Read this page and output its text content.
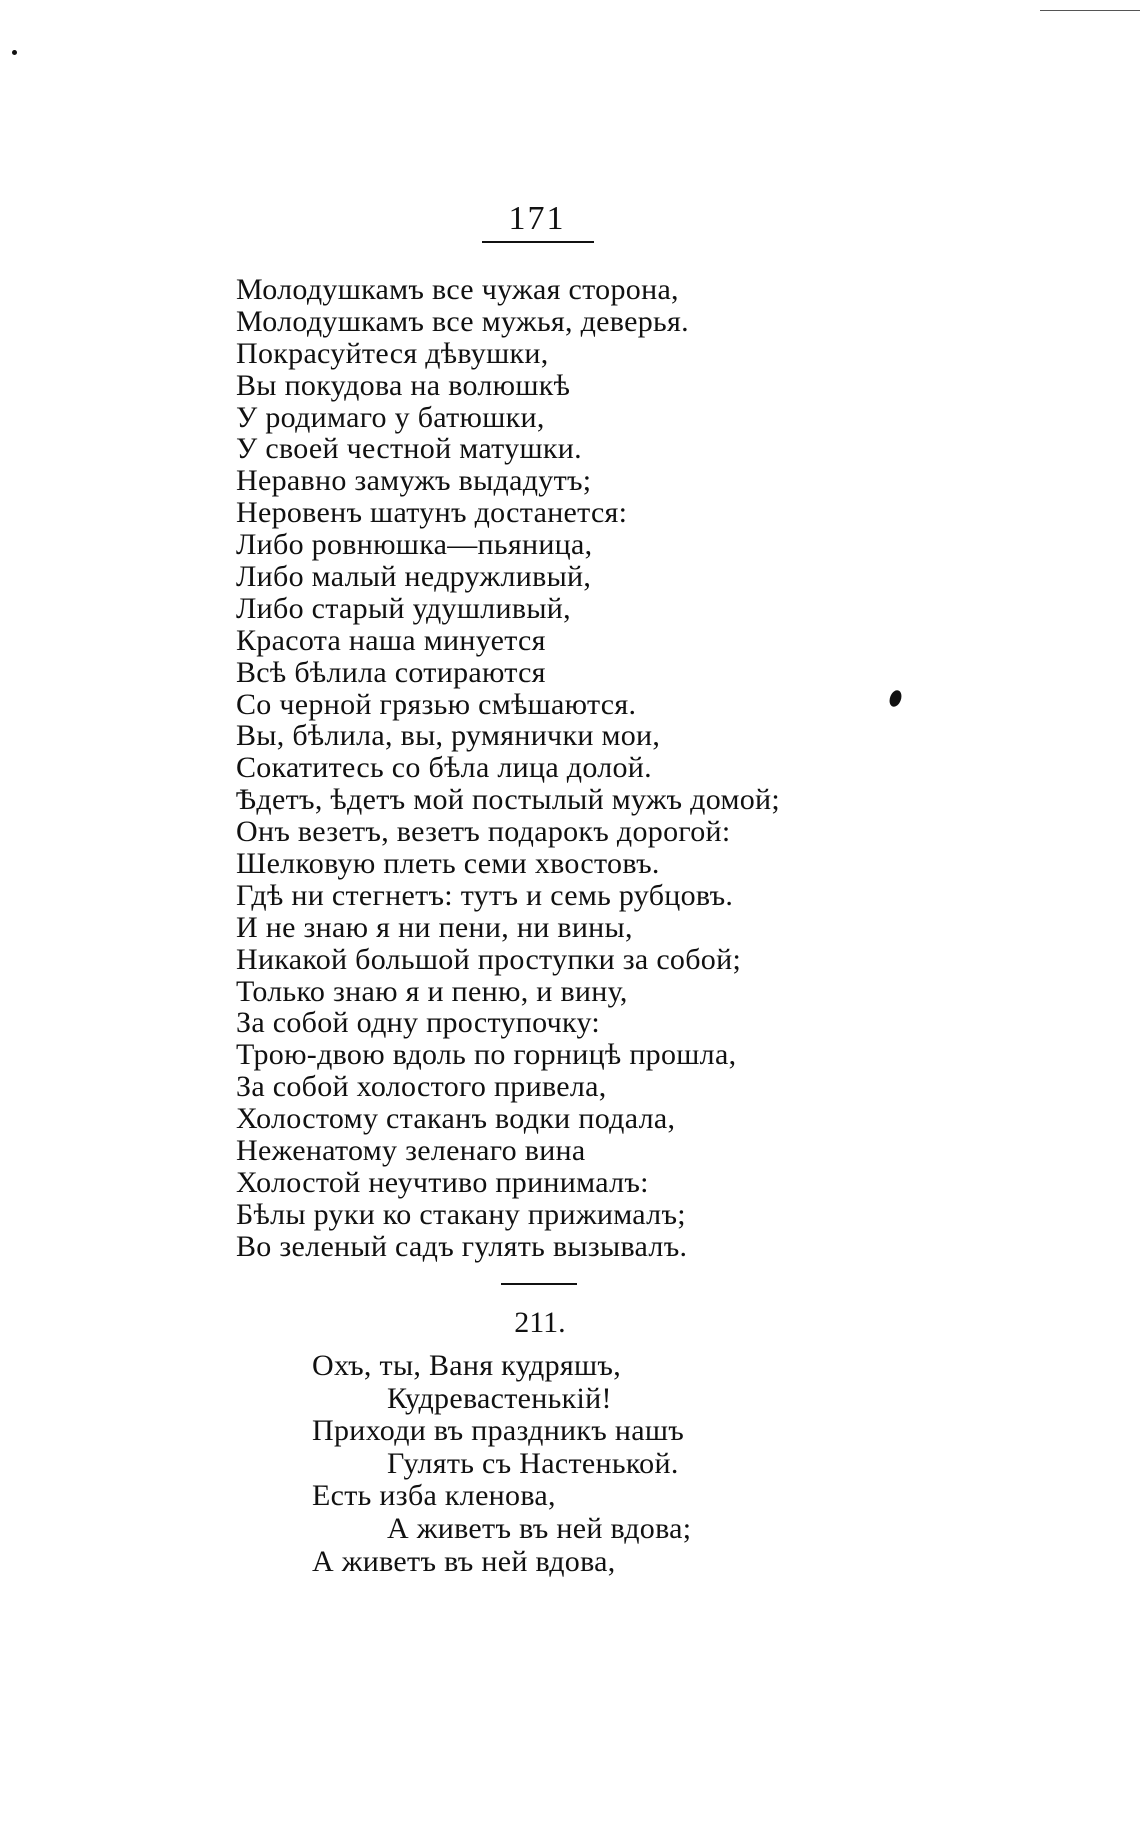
171
Молодушкамъ все чужая сторона,
Молодушкамъ все мужья, деверья.
Покрасуйтеся дѣвушки,
Вы покудова на волюшкѣ
У родимаго у батюшки,
У своей честной матушки.
Неравно замужъ выдадутъ;
Неровенъ шатунъ достанется:
Либо ровнюшка—пьяница,
Либо малый недружливый,
Либо старый удушливый,
Красота наша минуется
Всѣ бѣлила сотираются
Со черной грязью смѣшаются.
Вы, бѣлила, вы, румянички мои,
Сокатитесь со бѣла лица долой.
Ѣдетъ, ѣдетъ мой постылый мужъ домой;
Онъ везетъ, везетъ подарокъ дорогой:
Шелковую плеть семи хвостовъ.
Гдѣ ни стегнетъ: тутъ и семь рубцовъ.
И не знаю я ни пени, ни вины,
Никакой большой проступки за собой;
Только знаю я и пеню, и вину,
За собой одну проступочку:
Трою-двою вдоль по горницѣ прошла,
За собой холостого привела,
Холостому стаканъ водки подала,
Неженатому зеленаго вина
Холостой неучтиво принималъ:
Бѣлы руки ко стакану прижималъ;
Во зеленый садъ гулять вызывалъ.
211.
Охъ, ты, Ваня кудряшъ,
Кудревастенькій!
Приходи въ праздникъ нашъ
Гулять съ Настенькой.
Есть изба кленова,
А живетъ въ ней вдова;
А живетъ въ ней вдова,
